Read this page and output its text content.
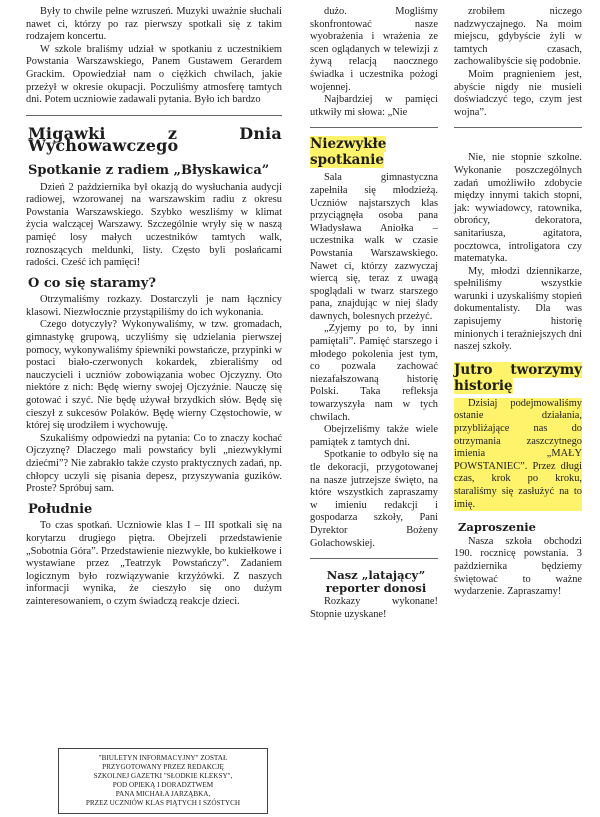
Były to chwile pełne wzruszeń. Muzyki uważnie słuchali nawet ci, którzy po raz pierwszy spotkali się z takim rodzajem koncertu.

W szkole braliśmy udział w spotkaniu z uczestnikiem Powstania Warszawskiego, Panem Gustawem Gerardem Grackim. Opowiedział nam o ciężkich chwilach, jakie przeżył w okresie okupacji. Poczuliśmy atmosferę tamtych dni. Potem uczniowie zadawali pytania. Było ich bardzo

Migawki z Dnia Wychowawczego
Spotkanie z radiem „Błyskawica”

Dzień 2 października był okazją do wysłuchania audycji radiowej, wzorowanej na warszawskim radiu z okresu Powstania Warszawskiego. Szybko weszliśmy w klimat życia walczącej Warszawy. Szczególnie wryły się w naszą pamięć losy małych uczestników tamtych walk, roznoszących meldunki, listy. Często byli posłańcami radości. Cześć ich pamięci!

O co się staramy?

Otrzymaliśmy rozkazy. Dostarczyli je nam łącznicy klasowi. Niezwłocznie przystąpiliśmy do ich wykonania.

Czego dotyczyły? Wykonywaliśmy, w tzw. gromadach, gimnastykę grupową, uczyliśmy się udzielania pierwszej pomocy, wykonywaliśmy śpiewniki powstańcze, przypinki w postaci biało-czerwonych kokardek, zbieraliśmy od nauczycieli i uczniów zobowiązania wobec Ojczyzny. Oto niektóre z nich: Będę wierny swojej Ojczyźnie. Nauczę się gotować i szyć. Nie będę używał brzydkich słów. Będę się cieszył z sukcesów Polaków. Będę wierny Częstochowie, w której się urodziłem i wychowuję.

Szukaliśmy odpowiedzi na pytania: Co to znaczy kochać Ojczyznę? Dlaczego mali powstańcy byli „niezwykłymi dziećmi”? Nie zabrakło także czysto praktycznych zadań, np. chłopcy uczyli się pisania depesz, przyszywania guzików. Proste? Spróbuj sam.

Południe

To czas spotkań. Uczniowie klas I – III spotkali się na korytarzu drugiego piętra. Obejrzeli przedstawienie „Sobotnia Góra”. Przedstawienie niezwykłe, bo kukiełkowe i wystawiane przez „Teatrzyk Powstańczy”. Zadaniem logicznym było rozwiązywanie krzyżówki. Z naszych informacji wynika, że cieszyło się ono dużym zainteresowaniem, o czym świadczą reakcje dzieci.

"BIULETYN INFORMACYJNY" ZOSTAŁ
PRZYGOTOWANY PRZEZ REDAKCJĘ
SZKOLNEJ GAZETKI "SŁODKIE KLEKSY",
POD OPIEKĄ I DORADZTWEM
PANA MICHAŁA JARZĄBKA,
PRZEZ UCZNIÓW KLAS PIĄTYCH I SZÓSTYCH

dużo. Mogliśmy skonfrontować nasze wyobrażenia i wrażenia ze scen oglądanych w telewizji z żywą relacją naocznego świadka i uczestnika pożogi wojennej.

Najbardziej w pamięci utkwiły mi słowa: „Nie

Niezwykłe spotkanie

Sala gimnastyczna zapełniła się młodzieżą. Uczniów najstarszych klas przyciągnęła osoba pana Władysława Aniołka – uczestnika walk w czasie Powstania Warszawskiego. Nawet ci, którzy zazwyczaj wiercą się, teraz z uwagą spoglądali w twarz starszego pana, znajdując w niej ślady dawnych, bolesnych przeżyć.

„Zyjemy po to, by inni pamiętali”. Pamięć starszego i młodego pokolenia jest tym, co pozwala zachować niezafałszowaną historię Polski. Taka refleksja towarzyszyła nam w tych chwilach.

Obejrzeliśmy także wiele pamiątek z tamtych dni.

Spotkanie to odbyło się na tle dekoracji, przygotowanej na nasze jutrzejsze święto, na które wszystkich zapraszamy w imieniu redakcji i gospodarza szkoły, Pani Dyrektor Bożeny Golachowskiej.

Nasz „latający” reporter donosi

Rozkazy wykonane! Stopnie uzyskane!

zrobiłem niczego nadzwyczajnego. Na moim miejscu, gdybyście żyli w tamtych czasach, zachowalibyście się podobnie.

Moim pragnieniem jest, abyście nigdy nie musieli doświadczyć tego, czym jest wojna”.

Nie, nie stopnie szkolne. Wykonanie poszczególnych zadań umożliwiło zdobycie między innymi takich stopni, jak: wywiadowcy, ratownika, obrońcy, dekoratora, sanitariusza, agitatora, pocztowca, introligatora czy matematyka.

My, młodzi dziennikarze, spełniliśmy wszystkie warunki i uzyskaliśmy stopień dokumentalisty. Dla was zapisujemy historię minionych i teraźniejszych dni naszej szkoły.

Jutro tworzymy historię

Dzisiaj podejmowaliśmy ostanie działania, przybliżające nas do otrzymania zaszczytnego imienia „MAŁY POWSTANIEC”. Przez długi czas, krok po kroku, staraliśmy się zasłużyć na to imię.

Zaproszenie

Nasza szkoła obchodzi 190. rocznicę powstania. 3 października będziemy świętować to ważne wydarzenie. Zapraszamy!
